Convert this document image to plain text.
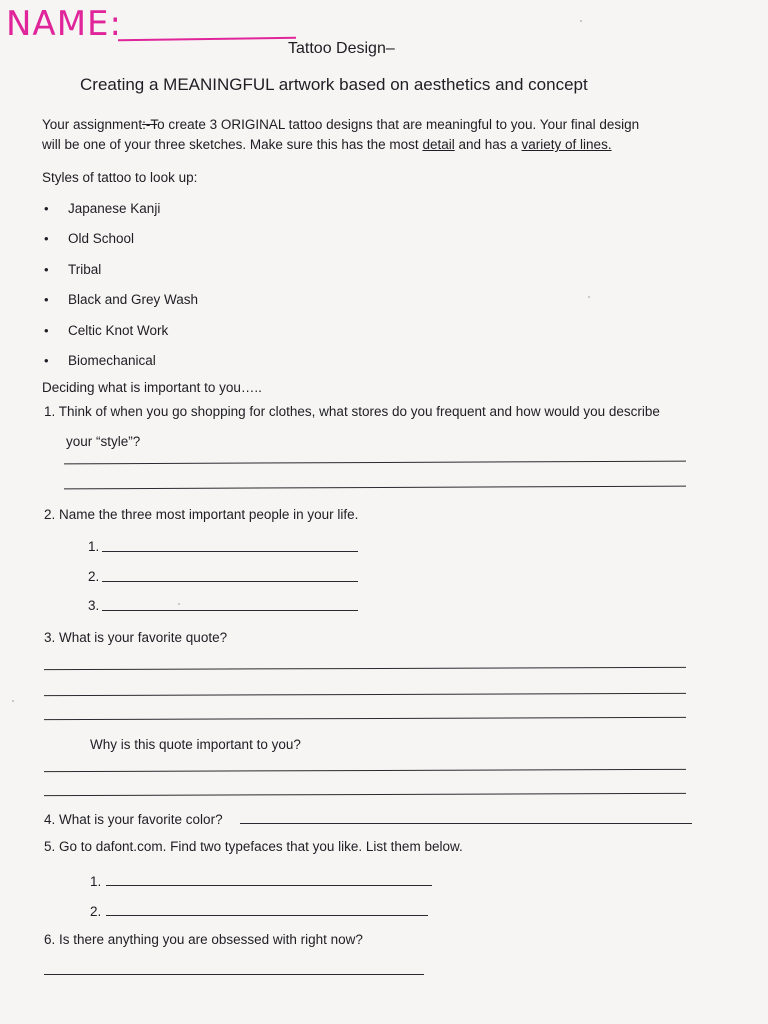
NAME:
Tattoo Design–
Creating a MEANINGFUL artwork based on aesthetics and concept
Your assignment:-To create 3 ORIGINAL tattoo designs that are meaningful to you. Your final design
will be one of your three sketches. Make sure this has the most detail and has a variety of lines.
Styles of tattoo to look up:
• Japanese Kanji
• Old School
• Tribal
• Black and Grey Wash
• Celtic Knot Work
• Biomechanical
Deciding what is important to you…..
1. Think of when you go shopping for clothes, what stores do you frequent and how would you describe
your “style”?
2. Name the three most important people in your life.
1.
2.
3.
3. What is your favorite quote?
Why is this quote important to you?
4. What is your favorite color?
5. Go to dafont.com. Find two typefaces that you like. List them below.
1.
2.
6. Is there anything you are obsessed with right now?
